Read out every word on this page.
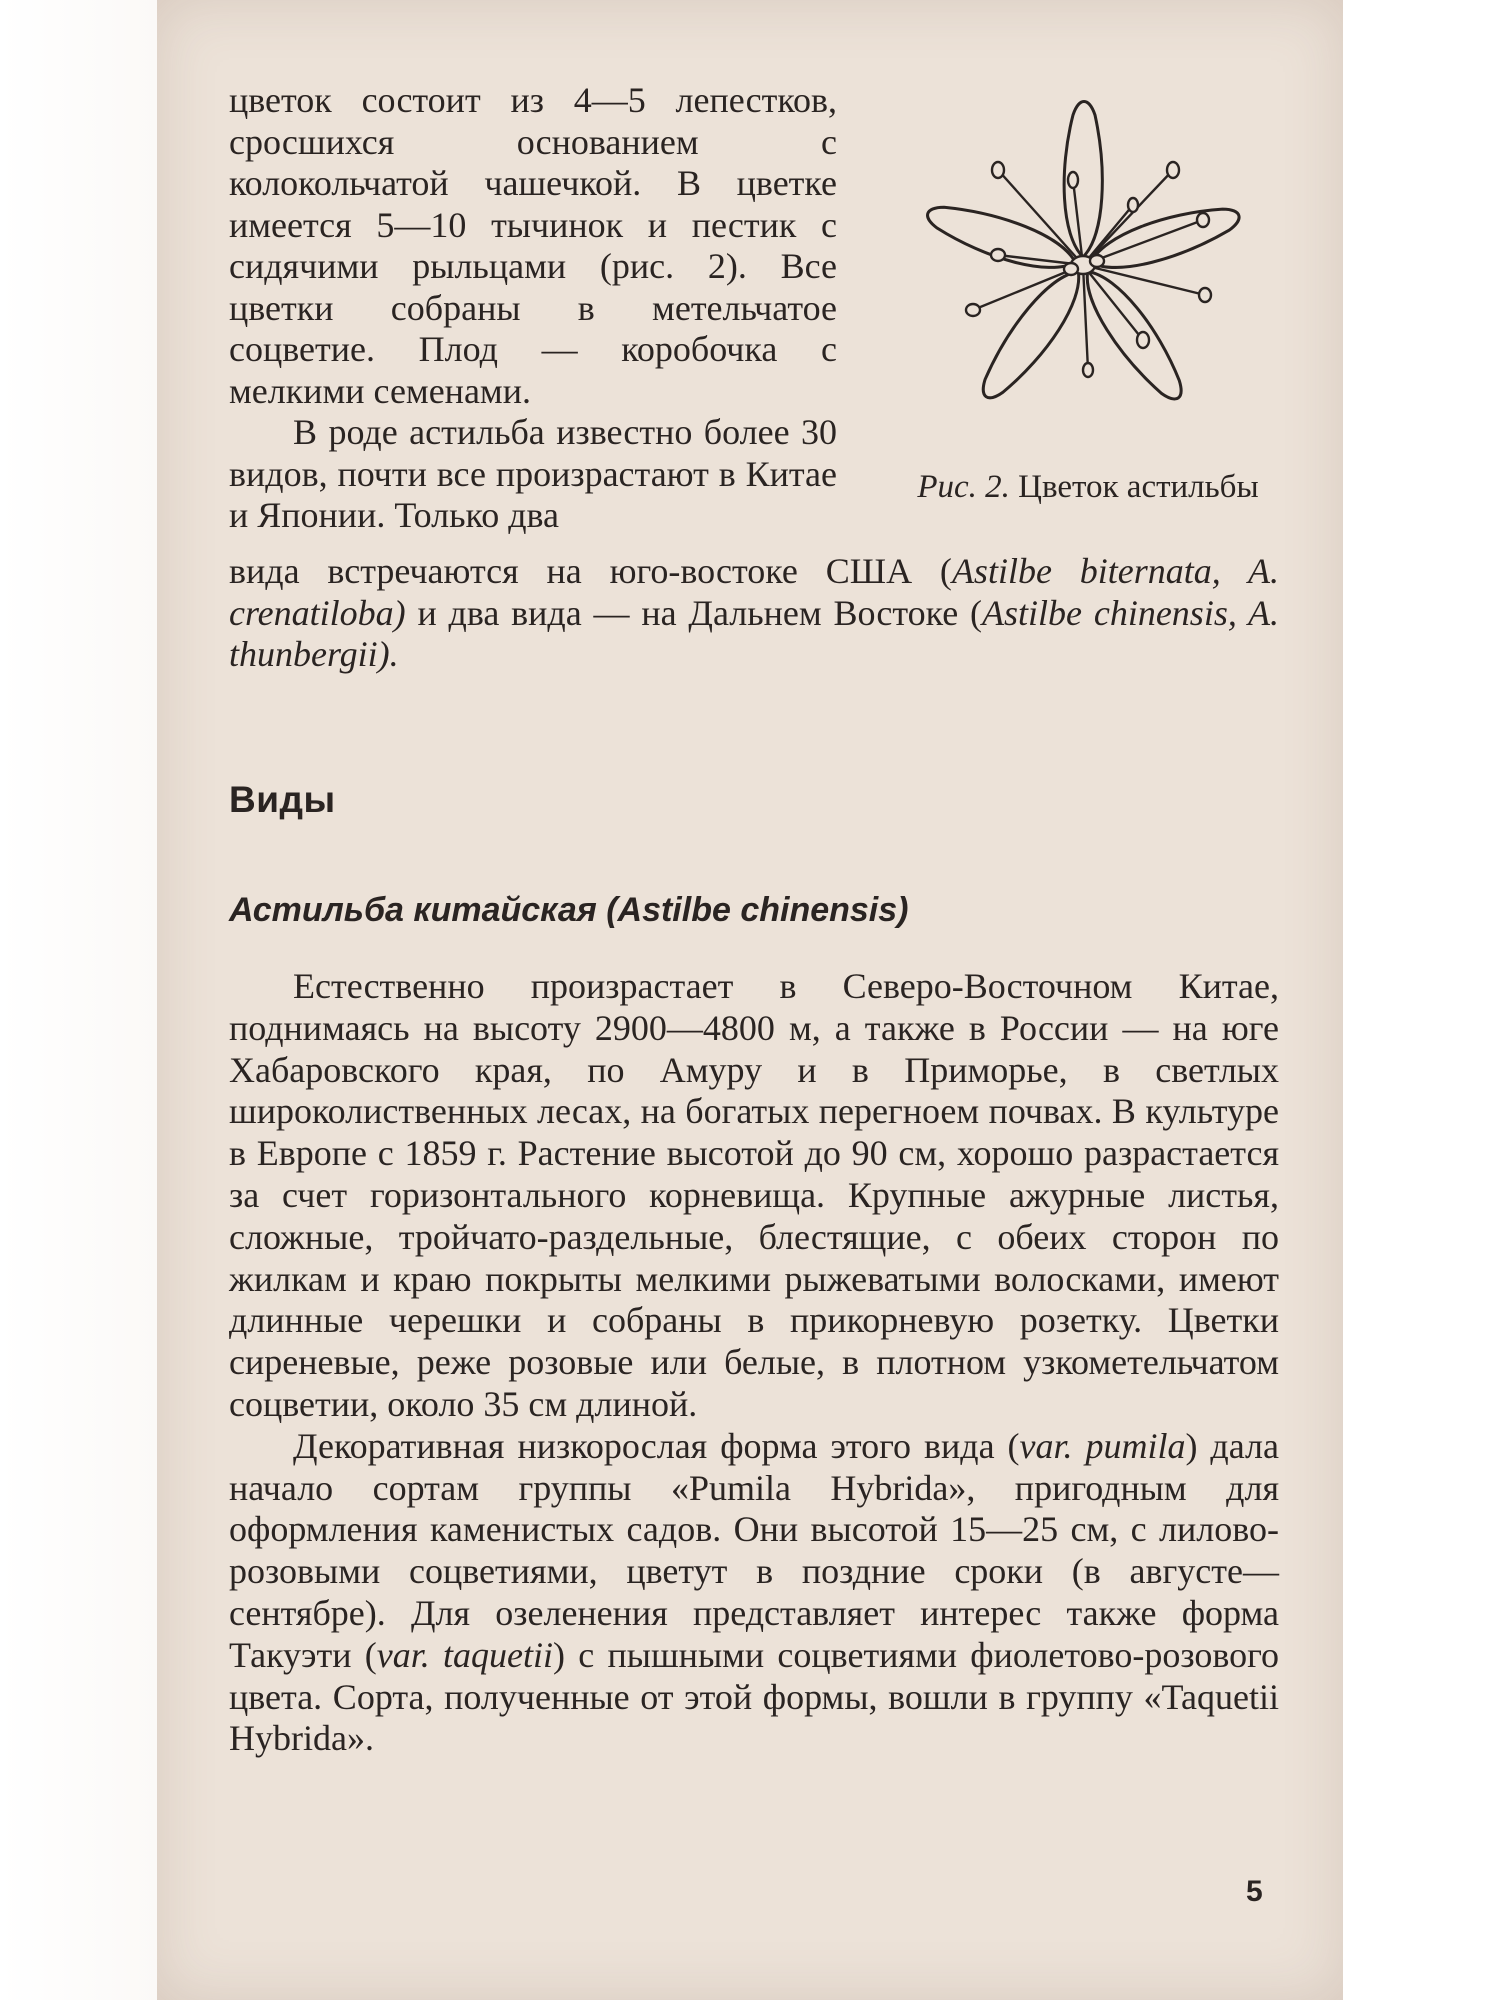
цветок состоит из 4—5 лепестков, сросшихся основанием с колокольчатой чашечкой. В цветке имеется 5—10 тычинок и пестик с сидячими рыльцами (рис. 2). Все цветки собраны в метельчатое соцветие. Плод — коробочка с мелкими семенами.

В роде астильба известно более 30 видов, почти все произрастают в Китае и Японии. Только два

Рис. 2. Цветок астильбы

вида встречаются на юго-востоке США (Astilbe biternata, A. crenatiloba) и два вида — на Дальнем Востоке (Astilbe chinensis, A. thunbergii).

Виды
Астильба китайская (Astilbe chinensis)

Естественно произрастает в Северо-Восточном Китае, поднимаясь на высоту 2900—4800 м, а также в России — на юге Хабаровского края, по Амуру и в Приморье, в светлых широколиственных лесах, на богатых перегноем почвах. В культуре в Европе с 1859 г. Растение высотой до 90 см, хорошо разрастается за счет горизонтального корневища. Крупные ажурные листья, сложные, тройчато-раздельные, блестящие, с обеих сторон по жилкам и краю покрыты мелкими рыжеватыми волосками, имеют длинные черешки и собраны в прикорневую розетку. Цветки сиреневые, реже розовые или белые, в плотном узкометельчатом соцветии, около 35 см длиной.

Декоративная низкорослая форма этого вида (var. pumila) дала начало сортам группы «Pumila Hybrida», пригодным для оформления каменистых садов. Они высотой 15—25 см, с лилово-розовыми соцветиями, цветут в поздние сроки (в августе—сентябре). Для озеленения представляет интерес также форма Такуэти (var. taquetii) с пышными соцветиями фиолетово-розового цвета. Сорта, полученные от этой формы, вошли в группу «Taquetii Hybrida».

5
